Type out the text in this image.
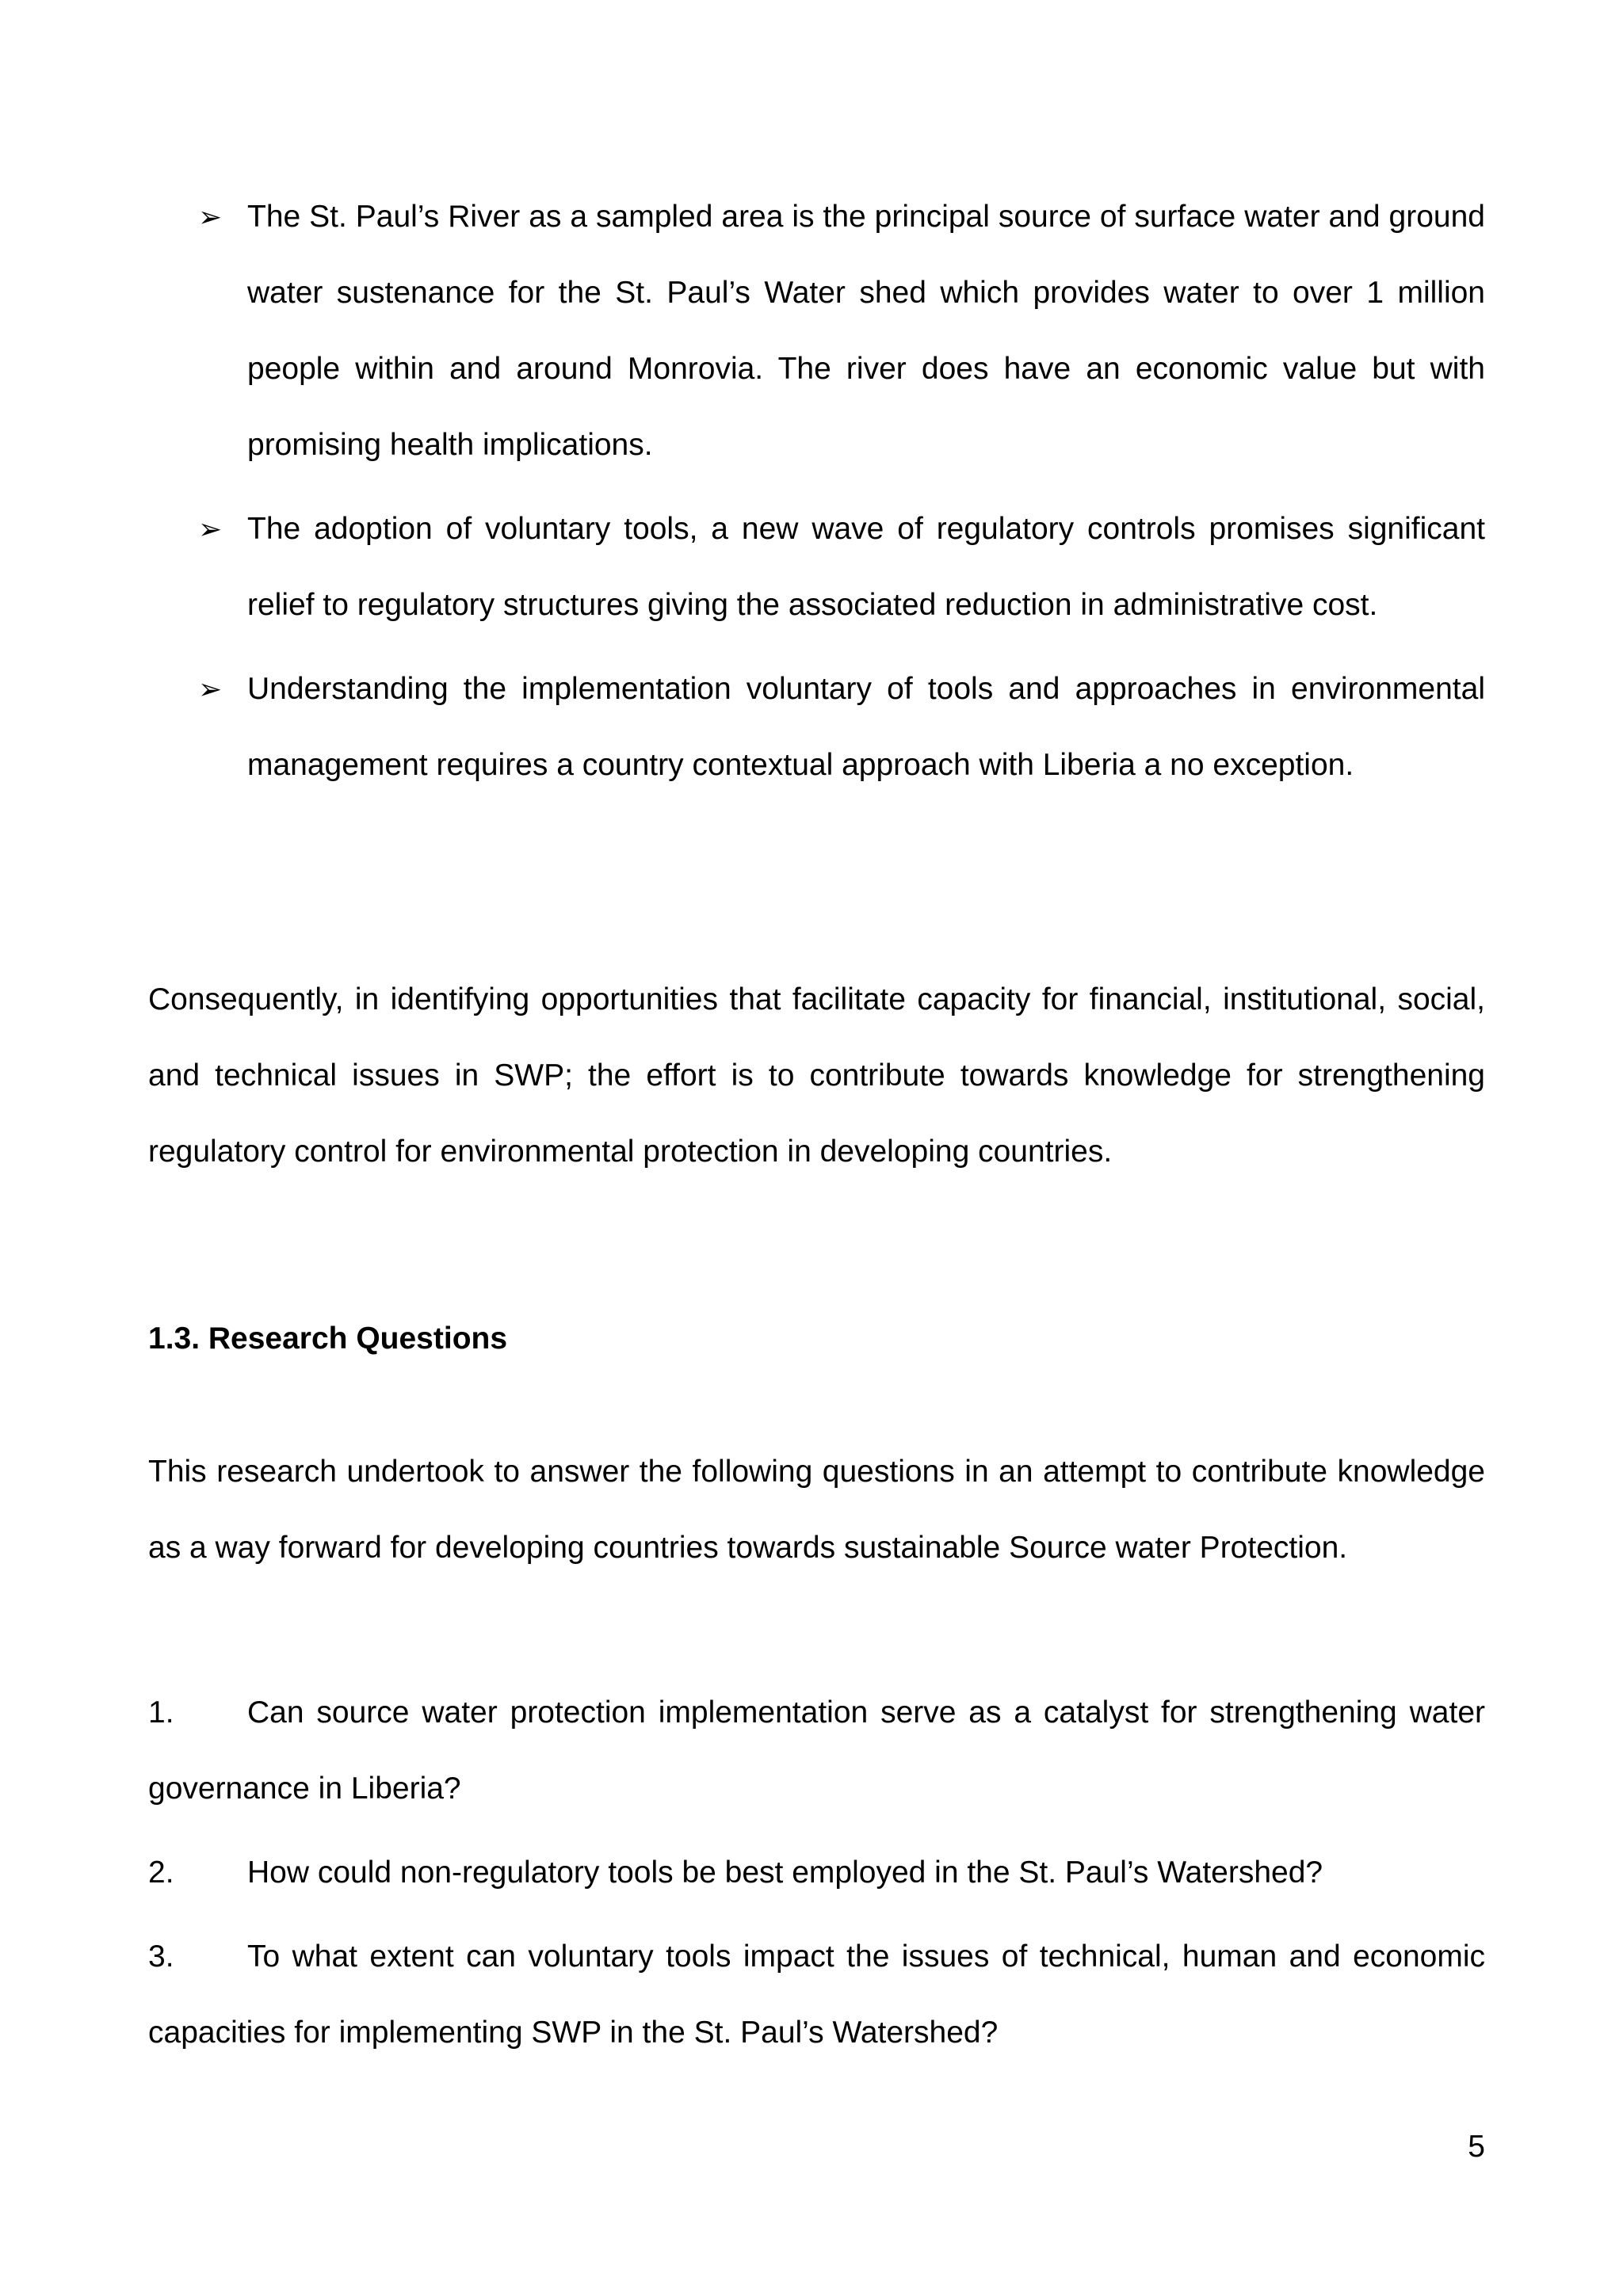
➢ The St. Paul’s River as a sampled area is the principal source of surface water and ground water sustenance for the St. Paul’s Water shed which provides water to over 1 million people within and around Monrovia. The river does have an economic value but with promising health implications.
➢ The adoption of voluntary tools, a new wave of regulatory controls promises significant relief to regulatory structures giving the associated reduction in administrative cost.
➢ Understanding the implementation voluntary of tools and approaches in environmental management requires a country contextual approach with Liberia a no exception.

Consequently, in identifying opportunities that facilitate capacity for financial, institutional, social, and technical issues in SWP; the effort is to contribute towards knowledge for strengthening regulatory control for environmental protection in developing countries.

1.3. Research Questions

This research undertook to answer the following questions in an attempt to contribute knowledge as a way forward for developing countries towards sustainable Source water Protection.

1. Can source water protection implementation serve as a catalyst for strengthening water governance in Liberia?
2. How could non-regulatory tools be best employed in the St. Paul’s Watershed?
3. To what extent can voluntary tools impact the issues of technical, human and economic capacities for implementing SWP in the St. Paul’s Watershed?
5
